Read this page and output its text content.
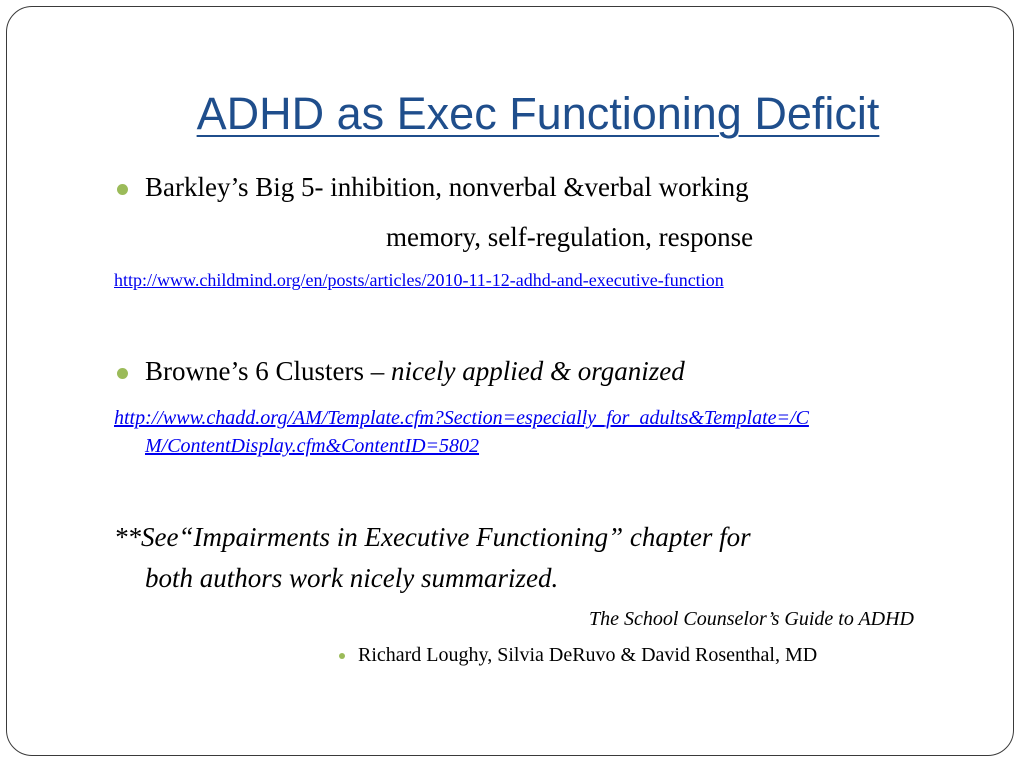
ADHD as Exec Functioning Deficit
Barkley’s Big 5- inhibition, nonverbal &verbal working
memory, self-regulation, response
http://www.childmind.org/en/posts/articles/2010-11-12-adhd-and-executive-function
Browne’s 6 Clusters – nicely applied & organized
http://www.chadd.org/AM/Template.cfm?Section=especially_for_adults&Template=/C
M/ContentDisplay.cfm&ContentID=5802
**See“Impairments in Executive Functioning” chapter for
both authors work nicely summarized.
The School Counselor’s Guide to ADHD
Richard Loughy, Silvia DeRuvo & David Rosenthal, MD
